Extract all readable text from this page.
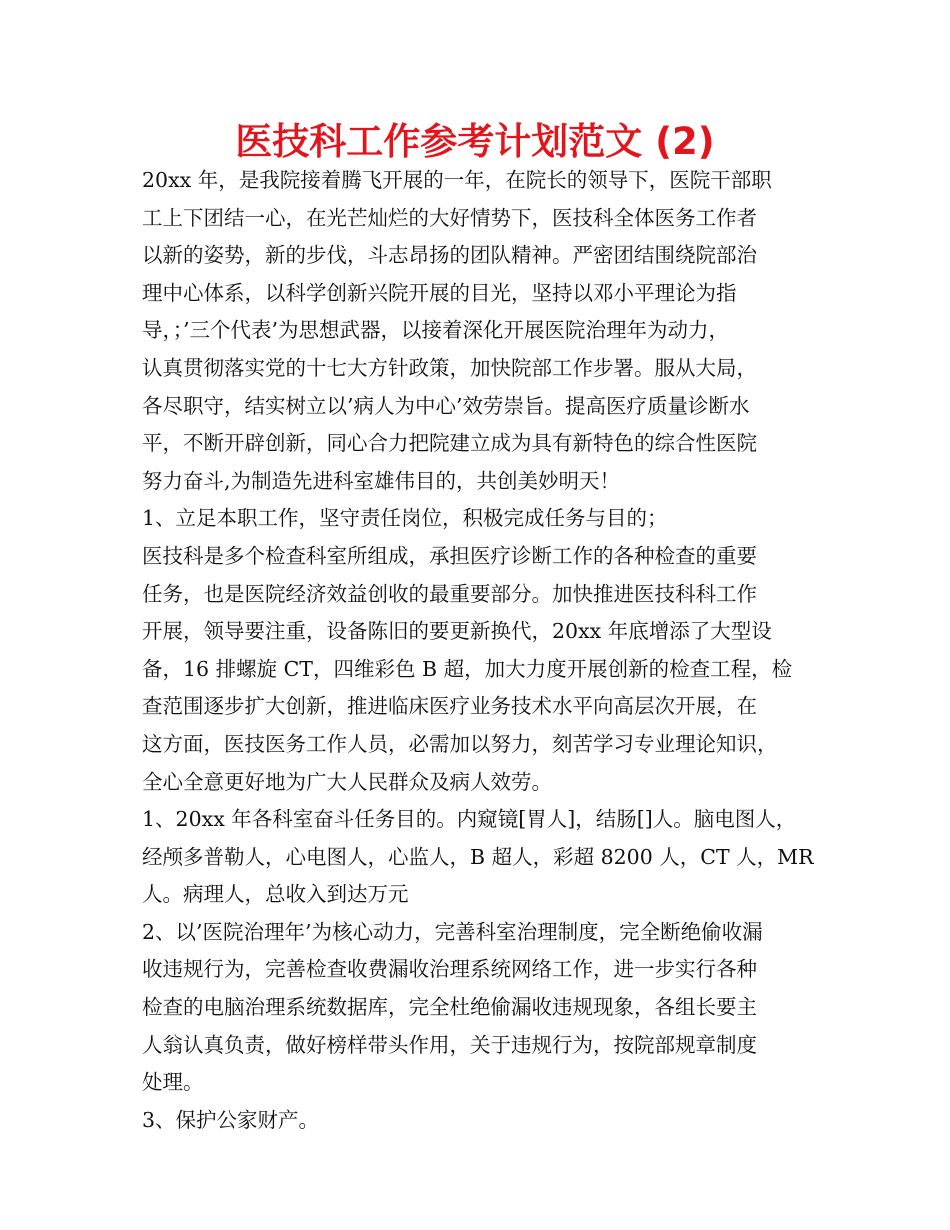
医技科工作参考计划范文 (2)
20xx 年，是我院接着腾飞开展的一年，在院长的领导下，医院干部职
工上下团结一心，在光芒灿烂的大好情势下，医技科全体医务工作者
以新的姿势，新的步伐，斗志昂扬的团队精神。严密团结围绕院部治
理中心体系，以科学创新兴院开展的目光，坚持以邓小平理论为指
导，；’三个代表’为思想武器，以接着深化开展医院治理年为动力，
认真贯彻落实党的十七大方针政策，加快院部工作步署。服从大局，
各尽职守，结实树立以’病人为中心’效劳崇旨。提高医疗质量诊断水
平，不断开辟创新，同心合力把院建立成为具有新特色的综合性医院
努力奋斗,为制造先进科室雄伟目的，共创美妙明天！
1、立足本职工作，坚守责任岗位，积极完成任务与目的；
医技科是多个检查科室所组成，承担医疗诊断工作的各种检查的重要
任务，也是医院经济效益创收的最重要部分。加快推进医技科科工作
开展，领导要注重，设备陈旧的要更新换代，20xx 年底增添了大型设
备，16 排螺旋 CT，四维彩色 B 超，加大力度开展创新的检查工程，检
查范围逐步扩大创新，推进临床医疗业务技术水平向高层次开展，在
这方面，医技医务工作人员，必需加以努力，刻苦学习专业理论知识，
全心全意更好地为广大人民群众及病人效劳。
1、20xx 年各科室奋斗任务目的。内窥镜[胃人]，结肠[]人。脑电图人，
经颅多普勒人，心电图人，心监人，B 超人，彩超 8200 人，CT 人，MR
人。病理人，总收入到达万元
2、以’医院治理年’为核心动力，完善科室治理制度，完全断绝偷收漏
收违规行为，完善检查收费漏收治理系统网络工作，进一步实行各种
检查的电脑治理系统数据库，完全杜绝偷漏收违规现象，各组长要主
人翁认真负责，做好榜样带头作用，关于违规行为，按院部规章制度
处理。
3、保护公家财产。
